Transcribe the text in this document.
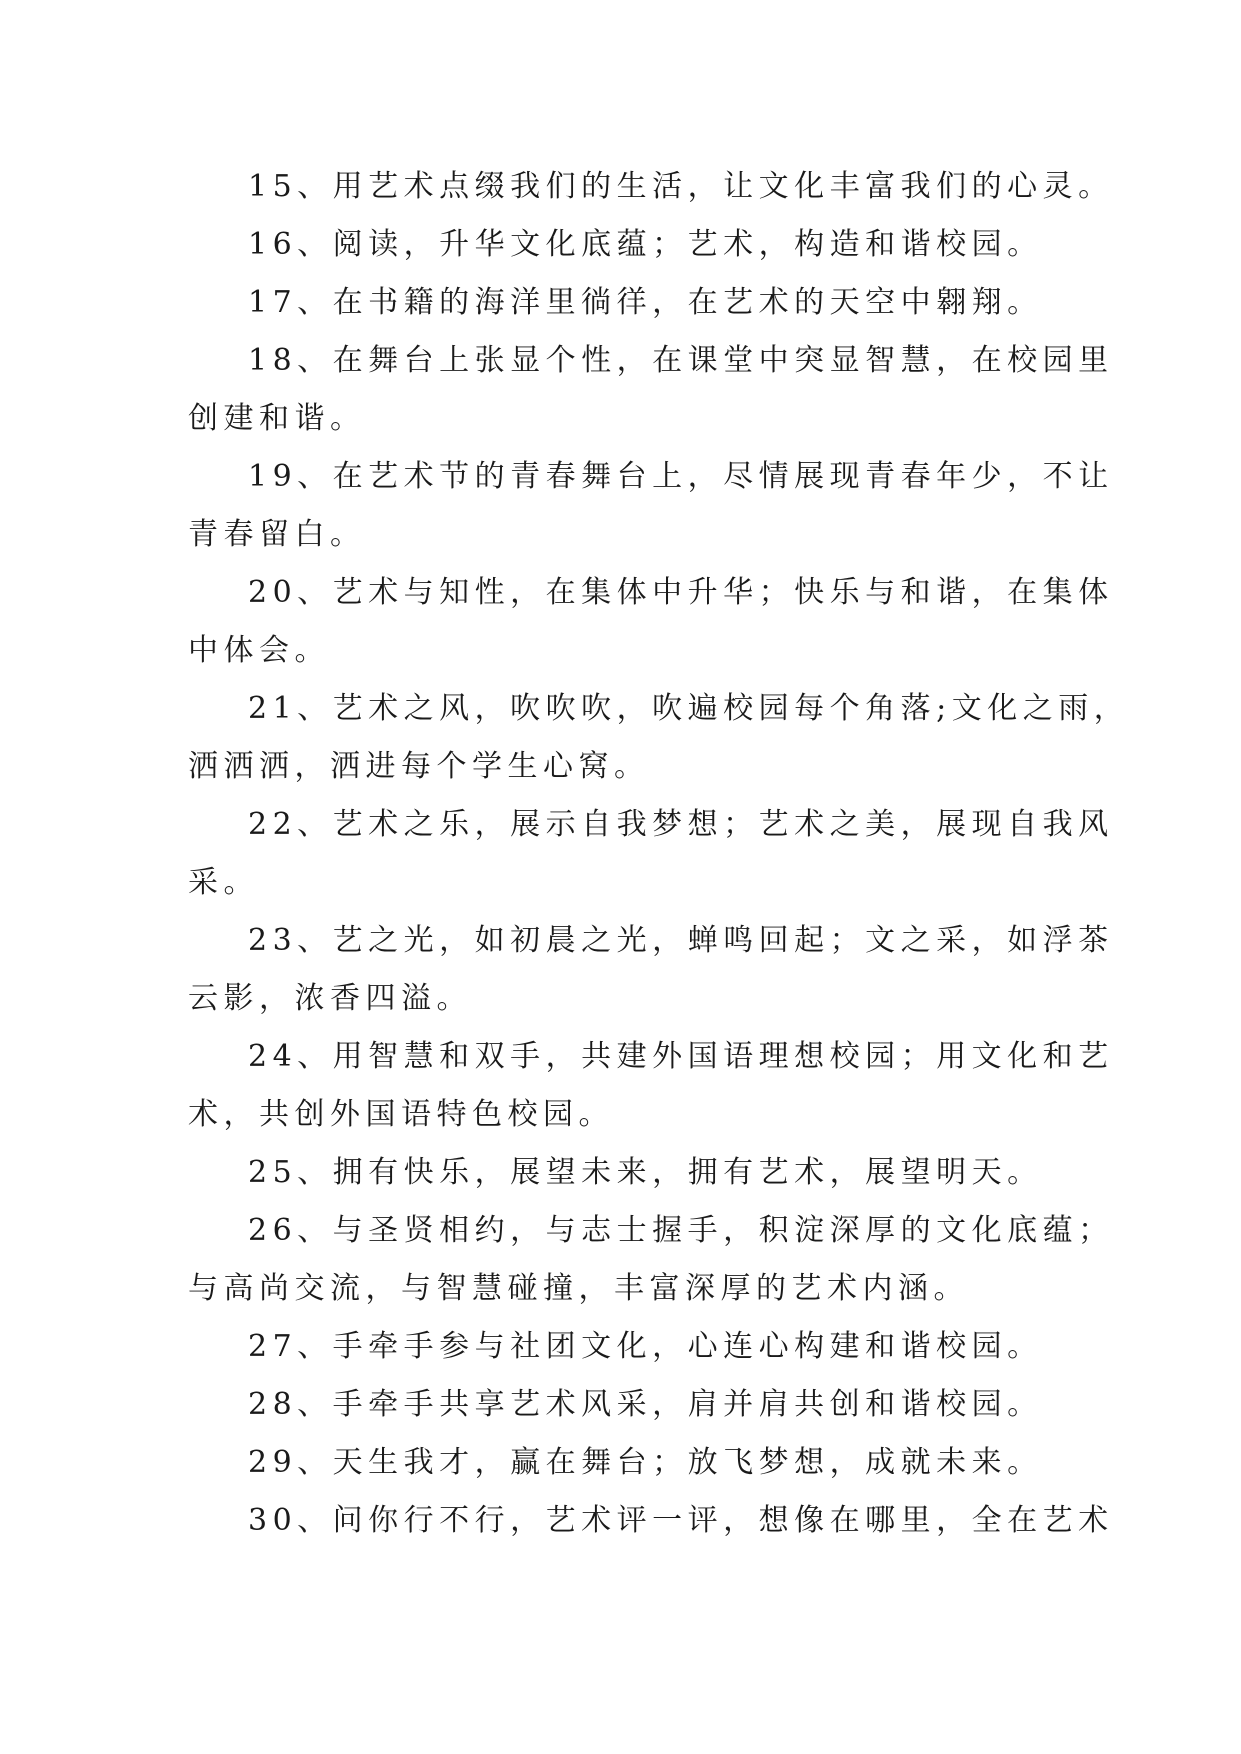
15、用艺术点缀我们的生活，让文化丰富我们的心灵。
16、阅读，升华文化底蕴；艺术，构造和谐校园。
17、在书籍的海洋里徜徉，在艺术的天空中翱翔。
18、在舞台上张显个性，在课堂中突显智慧，在校园里
创建和谐。
19、在艺术节的青春舞台上，尽情展现青春年少，不让
青春留白。
20、艺术与知性，在集体中升华；快乐与和谐，在集体
中体会。
21、艺术之风，吹吹吹，吹遍校园每个角落;文化之雨，
洒洒洒，洒进每个学生心窝。
22、艺术之乐，展示自我梦想；艺术之美，展现自我风
采。
23、艺之光，如初晨之光，蝉鸣回起；文之采，如浮茶
云影，浓香四溢。
24、用智慧和双手，共建外国语理想校园；用文化和艺
术，共创外国语特色校园。
25、拥有快乐，展望未来，拥有艺术，展望明天。
26、与圣贤相约，与志士握手，积淀深厚的文化底蕴；
与高尚交流，与智慧碰撞，丰富深厚的艺术内涵。
27、手牵手参与社团文化，心连心构建和谐校园。
28、手牵手共享艺术风采，肩并肩共创和谐校园。
29、天生我才，赢在舞台；放飞梦想，成就未来。
30、问你行不行，艺术评一评，想像在哪里，全在艺术
